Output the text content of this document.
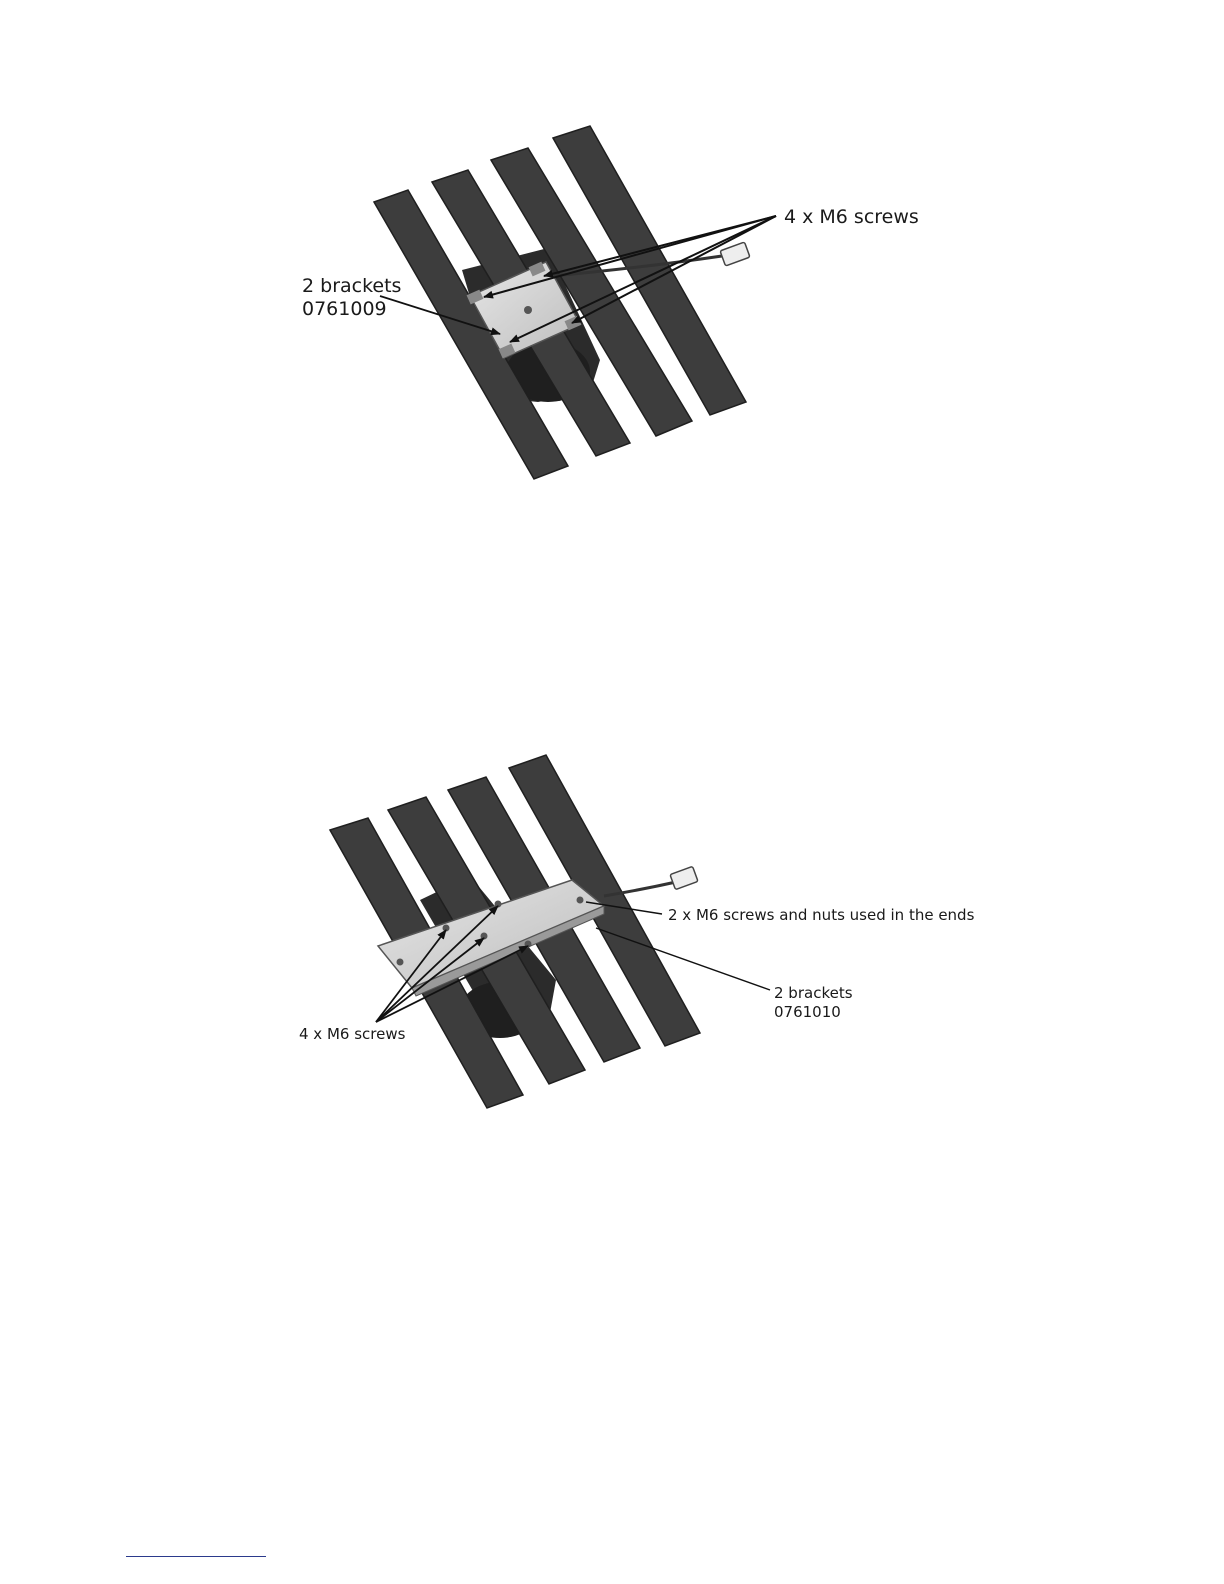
4 x M6 screws
2 brackets
0761009
2 x M6 screws and nuts used in the ends
2 brackets
0761010
4 x M6 screws
